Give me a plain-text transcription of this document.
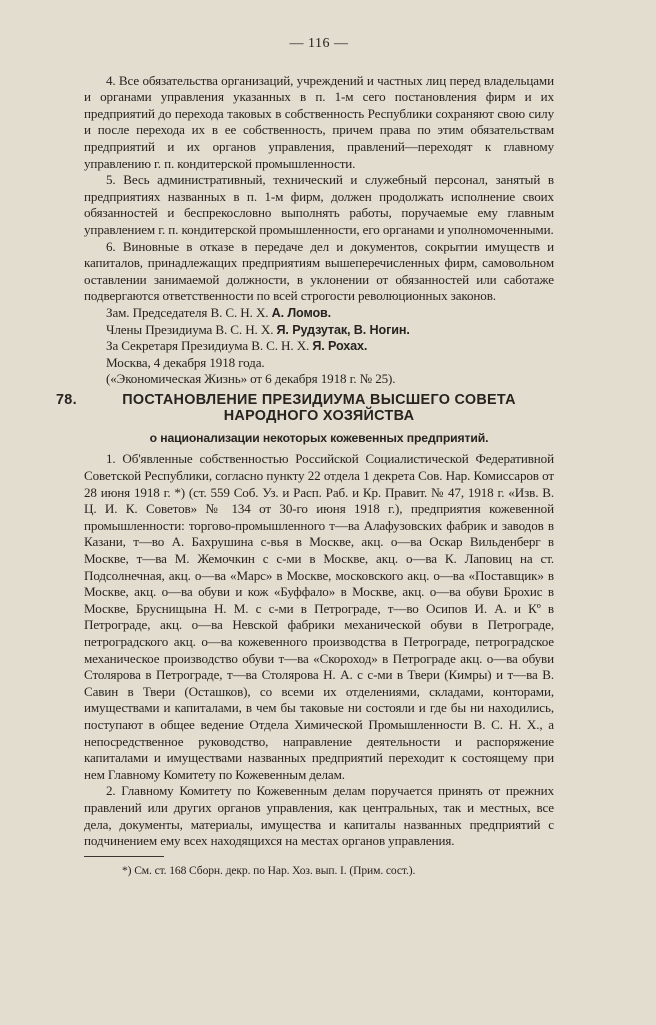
— 116 —

4. Все обязательства организаций, учреждений и частных лиц перед владельцами и органами управления указанных в п. 1-м сего постановления фирм и их предприятий до перехода таковых в собственность Республики сохраняют свою силу и после перехода их в ее собственность, причем права по этим обязательствам предприятий и их органов управления, правлений—переходят к главному управлению г. п. кондитерской промышленности.

5. Весь административный, технический и служебный персонал, занятый в предприятиях названных в п. 1-м фирм, должен продолжать исполнение своих обязанностей и беспрекословно выполнять работы, поручаемые ему главным управлением г. п. кондитерской промышленности, его органами и уполномоченными.

6. Виновные в отказе в передаче дел и документов, сокрытии имуществ и капиталов, принадлежащих предприятиям вышеперечисленных фирм, самовольном оставлении занимаемой должности, в уклонении от обязанностей или саботаже подвергаются ответственности по всей строгости революционных законов.

Зам. Председателя В. С. Н. Х. А. Ломов.
Члены Президиума В. С. Н. Х. Я. Рудзутак, В. Ногин.
За Секретаря Президиума В. С. Н. Х. Я. Рохах.
Москва, 4 декабря 1918 года.
(«Экономическая Жизнь» от 6 декабря 1918 г. № 25).
78.	ПОСТАНОВЛЕНИЕ ПРЕЗИДИУМА ВЫСШЕГО СОВЕТА НАРОДНОГО ХОЗЯЙСТВА
о национализации некоторых кожевенных предприятий.

1. Об'явленные собственностью Российской Социалистической Федеративной Советской Республики, согласно пункту 22 отдела 1 декрета Сов. Нар. Комиссаров от 28 июня 1918 г. *) (ст. 559 Соб. Уз. и Расп. Раб. и Кр. Правит. № 47, 1918 г. «Изв. В. Ц. И. К. Советов» № 134 от 30-го июня 1918 г.), предприятия кожевенной промышленности: торгово-промышленного т—ва Алафузовских фабрик и заводов в Казани, т—во А. Бахрушина с-вья в Москве, акц. о—ва Оскар Вильденберг в Москве, т—ва М. Жемочкин с с-ми в Москве, акц. о—ва К. Лаповиц на ст. Подсолнечная, акц. о—ва «Марс» в Москве, московского акц. о—ва «Поставщик» в Москве, акц. о—ва обуви и кож «Буффало» в Москве, акц. о—ва обуви Брохис в Москве, Бруснищына Н. М. с с-ми в Петрограде, т—во Осипов И. А. и Кº в Петрограде, акц. о—ва Невской фабрики механической обуви в Петрограде, петроградского акц. о—ва кожевенного производства в Петрограде, петроградское механическое производство обуви т—ва «Скороход» в Петрограде акц. о—ва обуви Столярова в Петрограде, т—ва Столярова Н. А. с с-ми в Твери (Кимры) и т—ва В. Савин в Твери (Осташков), со всеми их отделениями, складами, конторами, имуществами и капиталами, в чем бы таковые ни состояли и где бы ни находились, поступают в общее ведение Отдела Химической Промышленности В. С. Н. Х., а непосредственное руководство, направление деятельности и распоряжение капиталами и имуществами названных предприятий переходит к состоящему при нем Главному Комитету по Кожевенным делам.

2. Главному Комитету по Кожевенным делам поручается принять от прежних правлений или других органов управления, как центральных, так и местных, все дела, документы, материалы, имущества и капиталы названных предприятий с подчинением ему всех находящихся на местах органов управления.

*) См. ст. 168 Сборн. декр. по Нар. Хоз. вып. I. (Прим. сост.).
